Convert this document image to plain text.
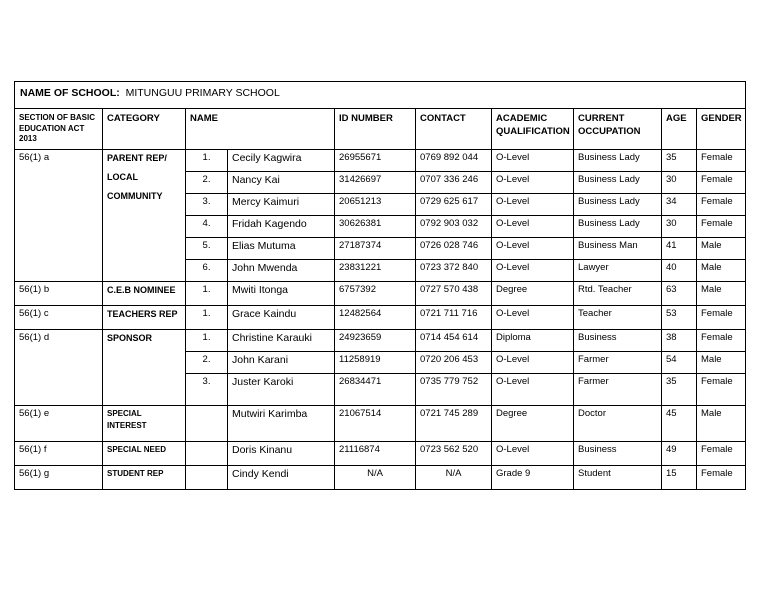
NAME OF SCHOOL: MITUNGUU PRIMARY SCHOOL									
SECTION OF BASIC EDUCATION ACT 2013	CATEGORY	NAME		ID NUMBER	CONTACT	ACADEMIC QUALIFICATION	CURRENT OCCUPATION	AGE	GENDER
56(1) a	PARENT REP/
LOCAL
COMMUNITY	1.	Cecily Kagwira	26955671	0769 892 044	O-Level	Business Lady	35	Female
		2.	Nancy Kai	31426697	0707 336 246	O-Level	Business Lady	30	Female
		3.	Mercy Kaimuri	20651213	0729 625 617	O-Level	Business Lady	34	Female
		4.	Fridah Kagendo	30626381	0792 903 032	O-Level	Business Lady	30	Female
		5.	Elias Mutuma	27187374	0726 028 746	O-Level	Business Man	41	Male
		6.	John Mwenda	23831221	0723 372 840	O-Level	Lawyer	40	Male
56(1) b	C.E.B NOMINEE	1.	Mwiti Itonga	6757392	0727 570 438	Degree	Rtd. Teacher	63	Male
56(1) c	TEACHERS REP	1.	Grace Kaindu	12482564	0721 711 716	O-Level	Teacher	53	Female
56(1) d	SPONSOR	1.	Christine Karauki	24923659	0714 454 614	Diploma	Business	38	Female
		2.	John Karani	11258919	0720 206 453	O-Level	Farmer	54	Male
		3.	Juster Karoki	26834471	0735 779 752	O-Level	Farmer	35	Female
56(1) e	SPECIAL INTEREST		Mutwiri Karimba	21067514	0721 745 289	Degree	Doctor	45	Male
56(1) f	SPECIAL NEED		Doris Kinanu	21116874	0723 562 520	O-Level	Business	49	Female
56(1) g	STUDENT REP		Cindy Kendi	N/A	N/A	Grade 9	Student	15	Female
